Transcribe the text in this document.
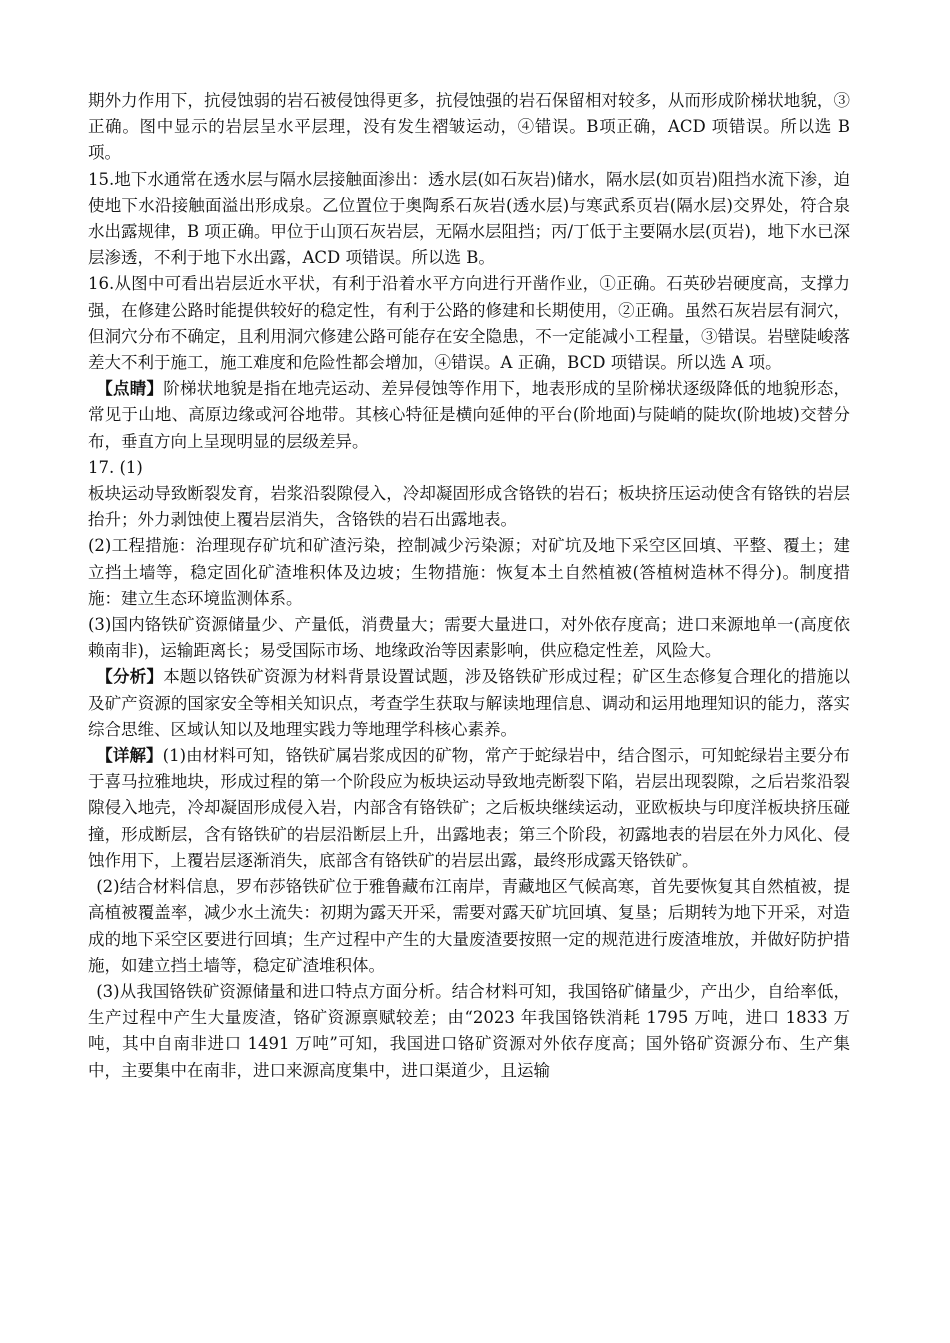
期外力作用下，抗侵蚀弱的岩石被侵蚀得更多，抗侵蚀强的岩石保留相对较多，从而形成阶梯状地貌，③正确。图中显示的岩层呈水平层理，没有发生褶皱运动，④错误。B项正确，ACD 项错误。所以选 B 项。

15.地下水通常在透水层与隔水层接触面渗出：透水层(如石灰岩)储水，隔水层(如页岩)阻挡水流下渗，迫使地下水沿接触面溢出形成泉。乙位置位于奥陶系石灰岩(透水层)与寒武系页岩(隔水层)交界处，符合泉水出露规律，B 项正确。甲位于山顶石灰岩层，无隔水层阻挡；丙/丁低于主要隔水层(页岩)，地下水已深层渗透，不利于地下水出露，ACD 项错误。所以选 B。

16.从图中可看出岩层近水平状，有利于沿着水平方向进行开凿作业，①正确。石英砂岩硬度高，支撑力强，在修建公路时能提供较好的稳定性，有利于公路的修建和长期使用，②正确。虽然石灰岩层有洞穴，但洞穴分布不确定，且利用洞穴修建公路可能存在安全隐患，不一定能减小工程量，③错误。岩壁陡峻落差大不利于施工，施工难度和危险性都会增加，④错误。A 正确，BCD 项错误。所以选 A 项。

【点睛】阶梯状地貌是指在地壳运动、差异侵蚀等作用下，地表形成的呈阶梯状逐级降低的地貌形态，常见于山地、高原边缘或河谷地带。其核心特征是横向延伸的平台(阶地面)与陡峭的陡坎(阶地坡)交替分布，垂直方向上呈现明显的层级差异。

17. (1)

板块运动导致断裂发育，岩浆沿裂隙侵入，冷却凝固形成含铬铁的岩石；板块挤压运动使含有铬铁的岩层抬升；外力剥蚀使上覆岩层消失，含铬铁的岩石出露地表。

(2)工程措施：治理现存矿坑和矿渣污染，控制减少污染源；对矿坑及地下采空区回填、平整、覆土；建立挡土墙等，稳定固化矿渣堆积体及边坡；生物措施：恢复本土自然植被(答植树造林不得分)。制度措施：建立生态环境监测体系。

(3)国内铬铁矿资源储量少、产量低，消费量大；需要大量进口，对外依存度高；进口来源地单一(高度依赖南非)，运输距离长；易受国际市场、地缘政治等因素影响，供应稳定性差，风险大。

【分析】本题以铬铁矿资源为材料背景设置试题，涉及铬铁矿形成过程；矿区生态修复合理化的措施以及矿产资源的国家安全等相关知识点，考查学生获取与解读地理信息、调动和运用地理知识的能力，落实综合思维、区域认知以及地理实践力等地理学科核心素养。

【详解】(1)由材料可知，铬铁矿属岩浆成因的矿物，常产于蛇绿岩中，结合图示，可知蛇绿岩主要分布于喜马拉雅地块，形成过程的第一个阶段应为板块运动导致地壳断裂下陷，岩层出现裂隙，之后岩浆沿裂隙侵入地壳，冷却凝固形成侵入岩，内部含有铬铁矿；之后板块继续运动，亚欧板块与印度洋板块挤压碰撞，形成断层，含有铬铁矿的岩层沿断层上升，出露地表；第三个阶段，初露地表的岩层在外力风化、侵蚀作用下，上覆岩层逐渐消失，底部含有铬铁矿的岩层出露，最终形成露天铬铁矿。

(2)结合材料信息，罗布莎铬铁矿位于雅鲁藏布江南岸，青藏地区气候高寒，首先要恢复其自然植被，提高植被覆盖率，减少水土流失：初期为露天开采，需要对露天矿坑回填、复垦；后期转为地下开采，对造成的地下采空区要进行回填；生产过程中产生的大量废渣要按照一定的规范进行废渣堆放，并做好防护措施，如建立挡土墙等，稳定矿渣堆积体。

(3)从我国铬铁矿资源储量和进口特点方面分析。结合材料可知，我国铬矿储量少，产出少，自给率低，生产过程中产生大量废渣，铬矿资源禀赋较差；由“2023 年我国铬铁消耗 1795 万吨，进口 1833 万吨，其中自南非进口 1491 万吨”可知，我国进口铬矿资源对外依存度高；国外铬矿资源分布、生产集中，主要集中在南非，进口来源高度集中，进口渠道少，且运输
